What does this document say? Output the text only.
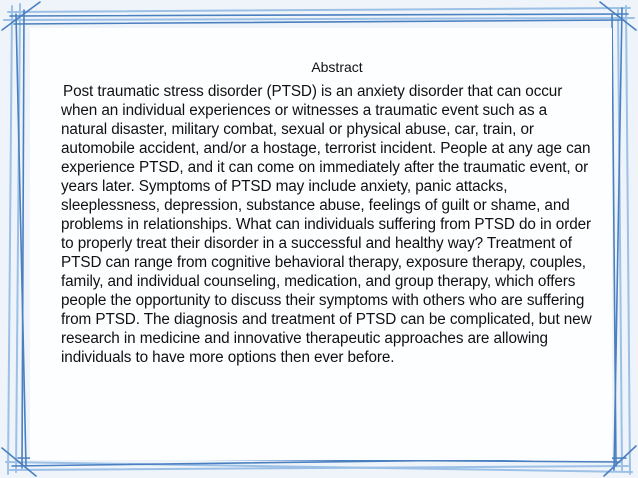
Abstract

Post traumatic stress disorder (PTSD) is an anxiety disorder that can occur when an individual experiences or witnesses a traumatic event such as a natural disaster, military combat, sexual or physical abuse, car, train, or automobile accident, and/or a hostage, terrorist incident. People at any age can experience PTSD, and it can come on immediately after the traumatic event, or years later. Symptoms of PTSD may include anxiety, panic attacks, sleeplessness, depression, substance abuse, feelings of guilt or shame, and problems in relationships. What can individuals suffering from PTSD do in order to properly treat their disorder in a successful and healthy way? Treatment of PTSD can range from cognitive behavioral therapy, exposure therapy, couples, family, and individual counseling, medication, and group therapy, which offers people the opportunity to discuss their symptoms with others who are suffering from PTSD. The diagnosis and treatment of PTSD can be complicated, but new research in medicine and innovative therapeutic approaches are allowing individuals to have more options then ever before.
